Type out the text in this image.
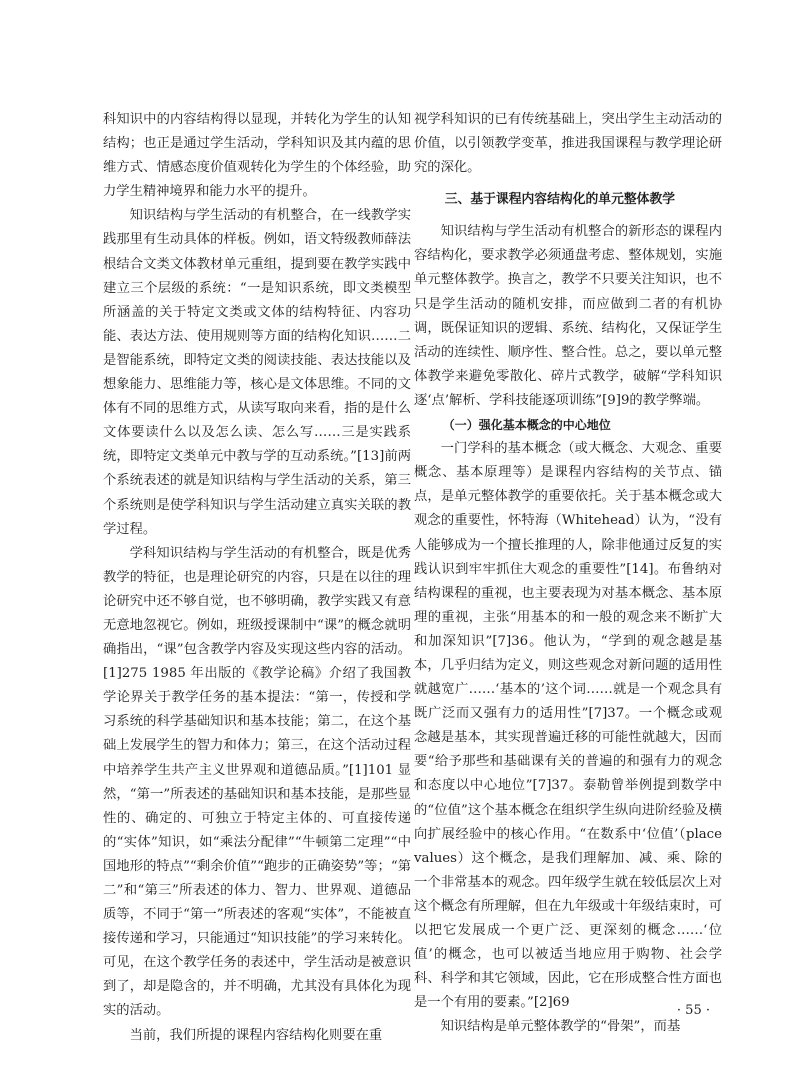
科知识中的内容结构得以显现，并转化为学生的认知结构；也正是通过学生活动，学科知识及其内蕴的思维方式、情感态度价值观转化为学生的个体经验，助力学生精神境界和能力水平的提升。

知识结构与学生活动的有机整合，在一线教学实践那里有生动具体的样板。例如，语文特级教师薛法根结合文类文体教材单元重组，提到要在教学实践中建立三个层级的系统：“一是知识系统，即文类模型所涵盖的关于特定文类或文体的结构特征、内容功能、表达方法、使用规则等方面的结构化知识……二是智能系统，即特定文类的阅读技能、表达技能以及想象能力、思维能力等，核心是文体思维。不同的文体有不同的思维方式，从读写取向来看，指的是什么文体要读什么以及怎么读、怎么写……三是实践系统，即特定文类单元中教与学的互动系统。”[13]前两个系统表述的就是知识结构与学生活动的关系，第三个系统则是使学科知识与学生活动建立真实关联的教学过程。

学科知识结构与学生活动的有机整合，既是优秀教学的特征，也是理论研究的内容，只是在以往的理论研究中还不够自觉，也不够明确，教学实践又有意无意地忽视它。例如，班级授课制中“课”的概念就明确指出，“课”包含教学内容及实现这些内容的活动。[1]275 1985 年出版的《教学论稿》介绍了我国教学论界关于教学任务的基本提法：“第一，传授和学习系统的科学基础知识和基本技能；第二，在这个基础上发展学生的智力和体力；第三，在这个活动过程中培养学生共产主义世界观和道德品质。”[1]101 显然，“第一”所表述的基础知识和基本技能，是那些显性的、确定的、可独立于特定主体的、可直接传递的“实体”知识，如“乘法分配律”“牛顿第二定理”“中国地形的特点”“剩余价值”“跑步的正确姿势”等；“第二”和“第三”所表述的体力、智力、世界观、道德品质等，不同于“第一”所表述的客观“实体”，不能被直接传递和学习，只能通过“知识技能”的学习来转化。可见，在这个教学任务的表述中，学生活动是被意识到了，却是隐含的，并不明确，尤其没有具体化为现实的活动。

当前，我们所提的课程内容结构化则要在重

视学科知识的已有传统基础上，突出学生主动活动的价值，以引领教学变革，推进我国课程与教学理论研究的深化。

三、基于课程内容结构化的单元整体教学

知识结构与学生活动有机整合的新形态的课程内容结构化，要求教学必须通盘考虑、整体规划，实施单元整体教学。换言之，教学不只要关注知识，也不只是学生活动的随机安排，而应做到二者的有机协调，既保证知识的逻辑、系统、结构化，又保证学生活动的连续性、顺序性、整合性。总之，要以单元整体教学来避免零散化、碎片式教学，破解“学科知识逐‘点’解析、学科技能逐项训练”[9]9的教学弊端。

（一）强化基本概念的中心地位

一门学科的基本概念（或大概念、大观念、重要概念、基本原理等）是课程内容结构的关节点、锚点，是单元整体教学的重要依托。关于基本概念或大观念的重要性，怀特海（Whitehead）认为，“没有人能够成为一个擅长推理的人，除非他通过反复的实践认识到牢牢抓住大观念的重要性”[14]。布鲁纳对结构课程的重视，也主要表现为对基本概念、基本原理的重视，主张“用基本的和一般的观念来不断扩大和加深知识”[7]36。他认为，“学到的观念越是基本，几乎归结为定义，则这些观念对新问题的适用性就越宽广……‘基本的’这个词……就是一个观念具有既广泛而又强有力的适用性”[7]37。一个概念或观念越是基本，其实现普遍迁移的可能性就越大，因而要“给予那些和基础课有关的普遍的和强有力的观念和态度以中心地位”[7]37。泰勒曾举例提到数学中的“位值”这个基本概念在组织学生纵向进阶经验及横向扩展经验中的核心作用。“在数系中‘位值’（place values）这个概念，是我们理解加、减、乘、除的一个非常基本的观念。四年级学生就在较低层次上对这个概念有所理解，但在九年级或十年级结束时，可以把它发展成一个更广泛、更深刻的概念……‘位值’的概念，也可以被适当地应用于购物、社会学科、科学和其它领域，因此，它在形成整合性方面也是一个有用的要素。”[2]69

知识结构是单元整体教学的“骨架”，而基

· 55 ·
